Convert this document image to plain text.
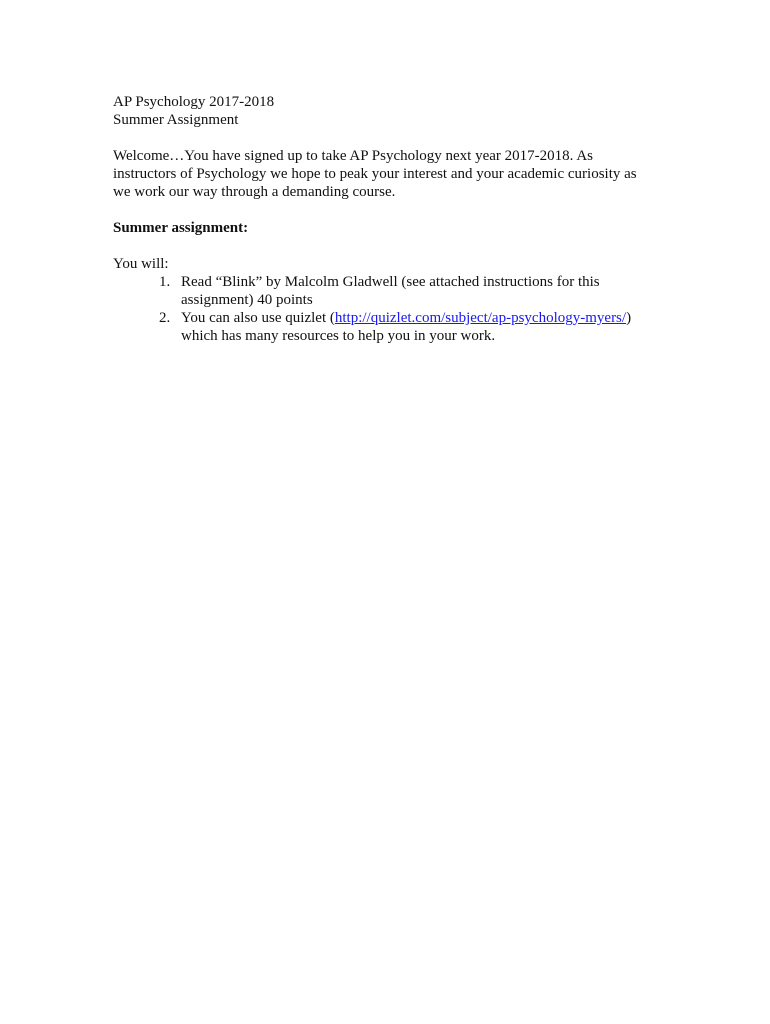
AP Psychology 2017-2018
Summer Assignment
Welcome…You have signed up to take AP Psychology next year 2017-2018. As
instructors of Psychology we hope to peak your interest and your academic curiosity as
we work our way through a demanding course.
Summer assignment:
You will:
1. Read “Blink” by Malcolm Gladwell (see attached instructions for this
assignment) 40 points
2. You can also use quizlet (http://quizlet.com/subject/ap-psychology-myers/)
which has many resources to help you in your work.
